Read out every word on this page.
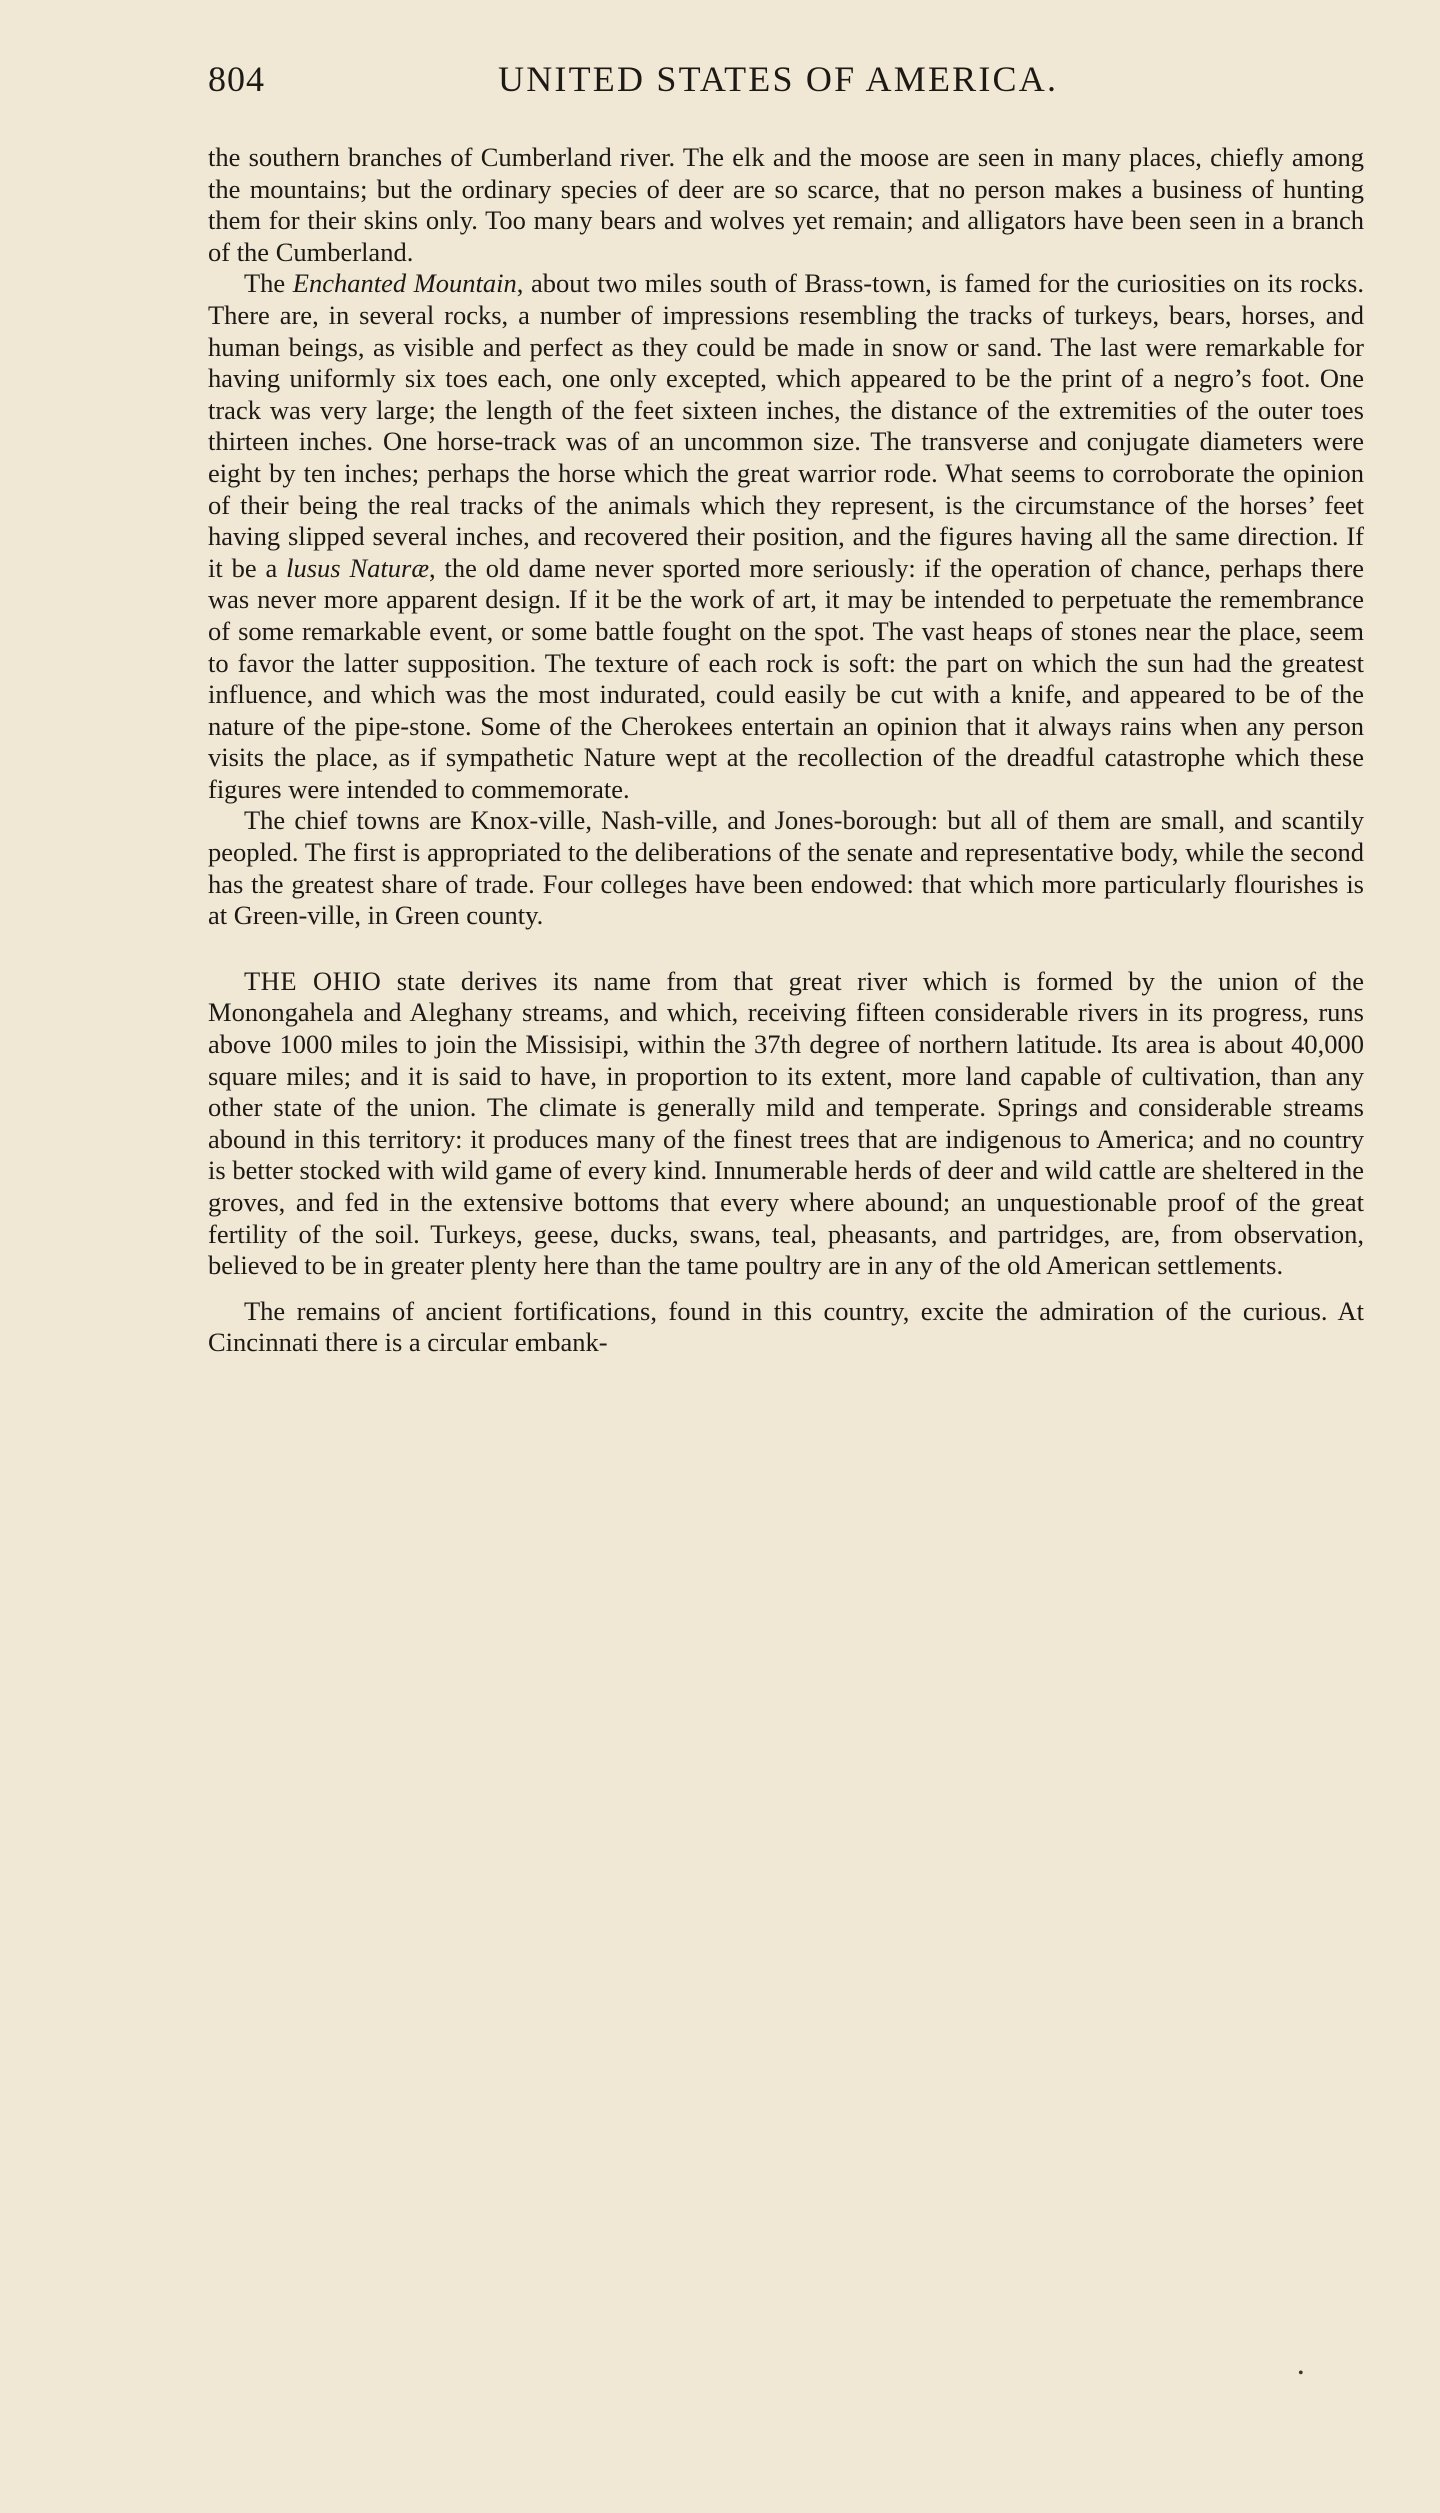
804	UNITED STATES OF AMERICA.

the southern branches of Cumberland river. The elk and the moose are seen in many places, chiefly among the mountains; but the ordinary species of deer are so scarce, that no person makes a business of hunting them for their skins only. Too many bears and wolves yet remain; and alligators have been seen in a branch of the Cumberland.

The Enchanted Mountain, about two miles south of Brass-town, is famed for the curiosities on its rocks. There are, in several rocks, a number of impressions resembling the tracks of turkeys, bears, horses, and human beings, as visible and perfect as they could be made in snow or sand. The last were remarkable for having uniformly six toes each, one only excepted, which appeared to be the print of a negro’s foot. One track was very large; the length of the feet sixteen inches, the distance of the extremities of the outer toes thirteen inches. One horse-track was of an uncommon size. The transverse and conjugate diameters were eight by ten inches; perhaps the horse which the great warrior rode. What seems to corroborate the opinion of their being the real tracks of the animals which they represent, is the circumstance of the horses’ feet having slipped several inches, and recovered their position, and the figures having all the same direction. If it be a lusus Naturæ, the old dame never sported more seriously: if the operation of chance, perhaps there was never more apparent design. If it be the work of art, it may be intended to perpetuate the remembrance of some remarkable event, or some battle fought on the spot. The vast heaps of stones near the place, seem to favor the latter supposition. The texture of each rock is soft: the part on which the sun had the greatest influence, and which was the most indurated, could easily be cut with a knife, and appeared to be of the nature of the pipe-stone. Some of the Cherokees entertain an opinion that it always rains when any person visits the place, as if sympathetic Nature wept at the recollection of the dreadful catastrophe which these figures were intended to commemorate.

The chief towns are Knox-ville, Nash-ville, and Jones-borough: but all of them are small, and scantily peopled. The first is appropriated to the deliberations of the senate and representative body, while the second has the greatest share of trade. Four colleges have been endowed: that which more particularly flourishes is at Green-ville, in Green county.

THE OHIO state derives its name from that great river which is formed by the union of the Monongahela and Aleghany streams, and which, receiving fifteen considerable rivers in its progress, runs above 1000 miles to join the Missisipi, within the 37th degree of northern latitude. Its area is about 40,000 square miles; and it is said to have, in proportion to its extent, more land capable of cultivation, than any other state of the union. The climate is generally mild and temperate. Springs and considerable streams abound in this territory: it produces many of the finest trees that are indigenous to America; and no country is better stocked with wild game of every kind. Innumerable herds of deer and wild cattle are sheltered in the groves, and fed in the extensive bottoms that every where abound; an unquestionable proof of the great fertility of the soil. Turkeys, geese, ducks, swans, teal, pheasants, and partridges, are, from observation, believed to be in greater plenty here than the tame poultry are in any of the old American settlements.

The remains of ancient fortifications, found in this country, excite the admiration of the curious. At Cincinnati there is a circular embank-

•
